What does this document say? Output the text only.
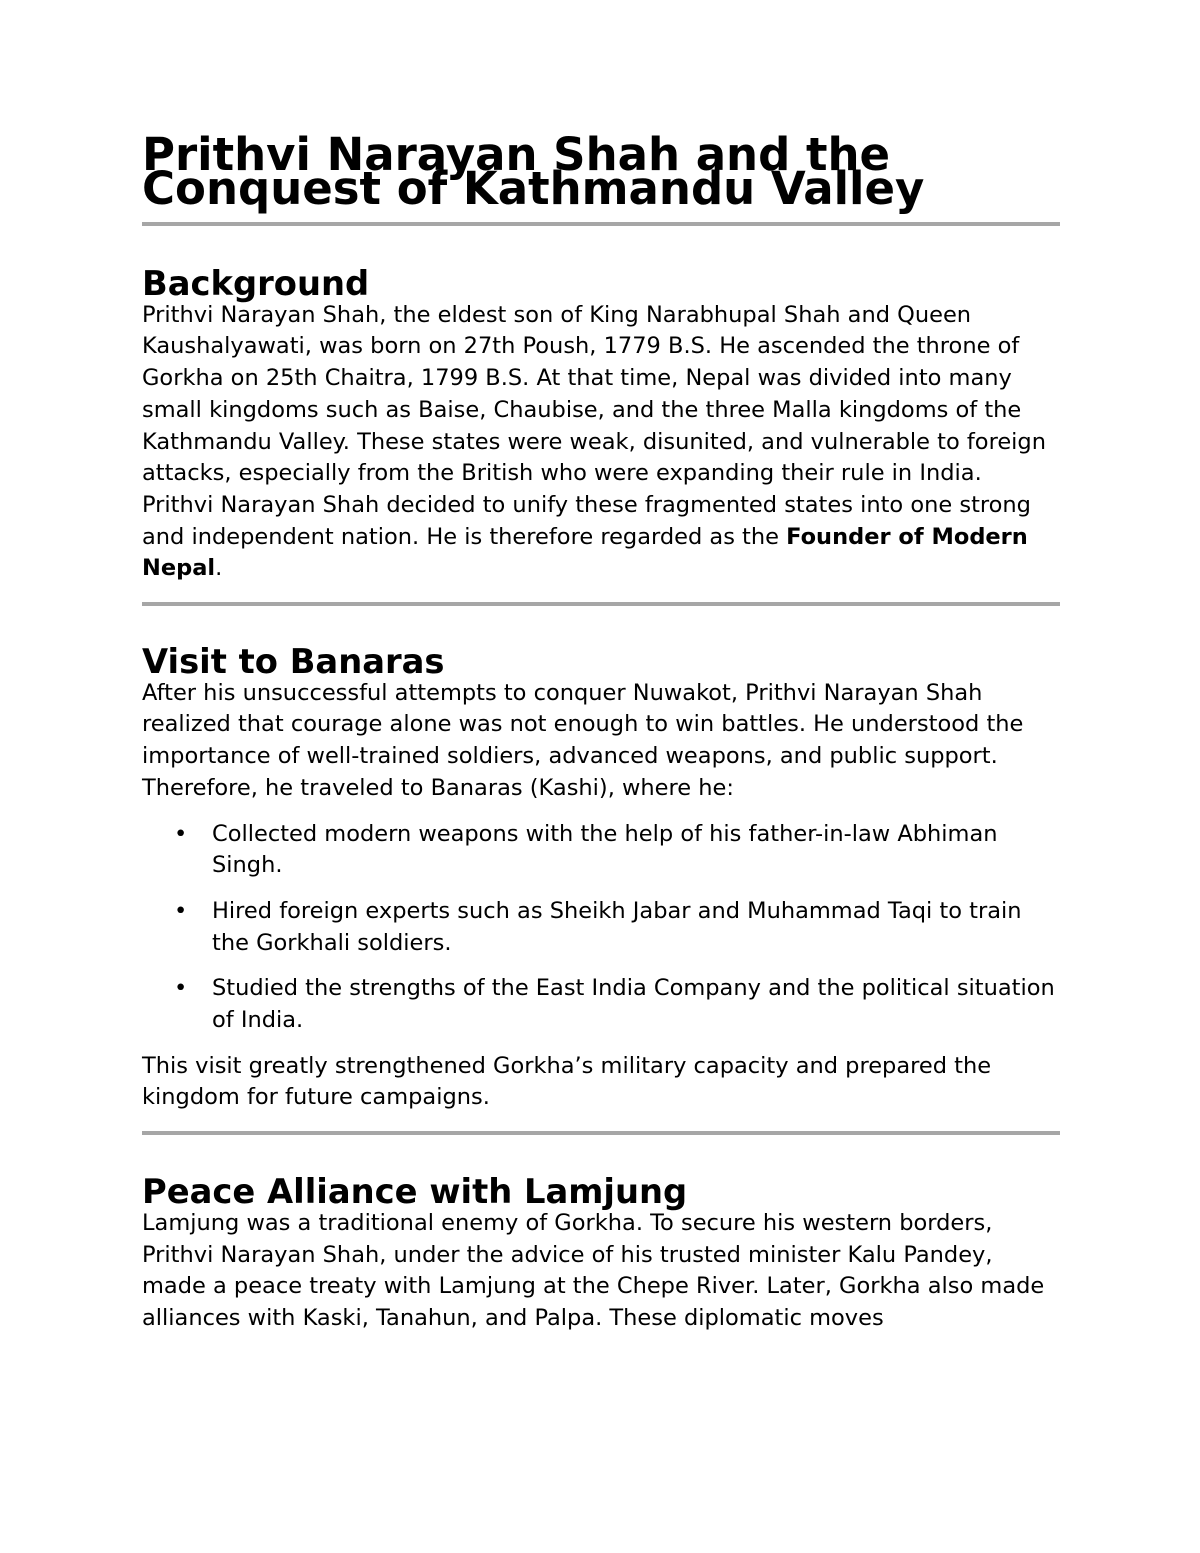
Prithvi Narayan Shah and the Conquest of Kathmandu Valley
Background

Prithvi Narayan Shah, the eldest son of King Narabhupal Shah and Queen Kaushalyawati, was born on 27th Poush, 1779 B.S. He ascended the throne of Gorkha on 25th Chaitra, 1799 B.S. At that time, Nepal was divided into many small kingdoms such as Baise, Chaubise, and the three Malla kingdoms of the Kathmandu Valley. These states were weak, disunited, and vulnerable to foreign attacks, especially from the British who were expanding their rule in India.

Prithvi Narayan Shah decided to unify these fragmented states into one strong and independent nation. He is therefore regarded as the Founder of Modern Nepal.

Visit to Banaras

After his unsuccessful attempts to conquer Nuwakot, Prithvi Narayan Shah realized that courage alone was not enough to win battles. He understood the importance of well-trained soldiers, advanced weapons, and public support. Therefore, he traveled to Banaras (Kashi), where he:

• Collected modern weapons with the help of his father-in-law Abhiman Singh.
• Hired foreign experts such as Sheikh Jabar and Muhammad Taqi to train the Gorkhali soldiers.
• Studied the strengths of the East India Company and the political situation of India.

This visit greatly strengthened Gorkha’s military capacity and prepared the kingdom for future campaigns.

Peace Alliance with Lamjung

Lamjung was a traditional enemy of Gorkha. To secure his western borders, Prithvi Narayan Shah, under the advice of his trusted minister Kalu Pandey, made a peace treaty with Lamjung at the Chepe River. Later, Gorkha also made alliances with Kaski, Tanahun, and Palpa. These diplomatic moves
